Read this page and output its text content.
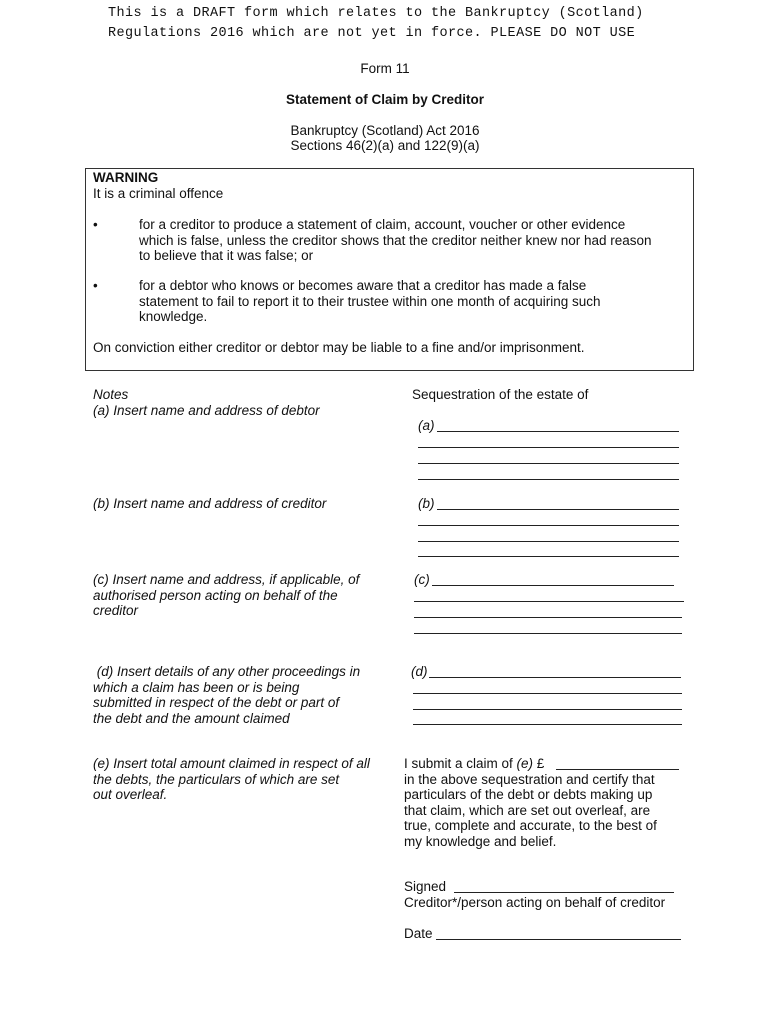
This is a DRAFT form which relates to the Bankruptcy (Scotland)
Regulations 2016 which are not yet in force. PLEASE DO NOT USE
Form 11
Statement of Claim by Creditor
Bankruptcy (Scotland) Act 2016
Sections 46(2)(a) and 122(9)(a)
WARNING
It is a criminal offence
•	for a creditor to produce a statement of claim, account, voucher or other evidence
which is false, unless the creditor shows that the creditor neither knew nor had reason
to believe that it was false; or
•	for a debtor who knows or becomes aware that a creditor has made a false
statement to fail to report it to their trustee within one month of acquiring such
knowledge.
On conviction either creditor or debtor may be liable to a fine and/or imprisonment.
Notes
(a) Insert name and address of debtor
(b) Insert name and address of creditor
(c) Insert name and address, if applicable, of
authorised person acting on behalf of the
creditor
(d) Insert details of any other proceedings in
which a claim has been or is being
submitted in respect of the debt or part of
the debt and the amount claimed
(e) Insert total amount claimed in respect of all
the debts, the particulars of which are set
out overleaf.
Sequestration of the estate of
(a)
(b)
(c)
(d)
I submit a claim of (e) £
in the above sequestration and certify that
particulars of the debt or debts making up
that claim, which are set out overleaf, are
true, complete and accurate, to the best of
my knowledge and belief.
Signed
Creditor*/person acting on behalf of creditor
Date
